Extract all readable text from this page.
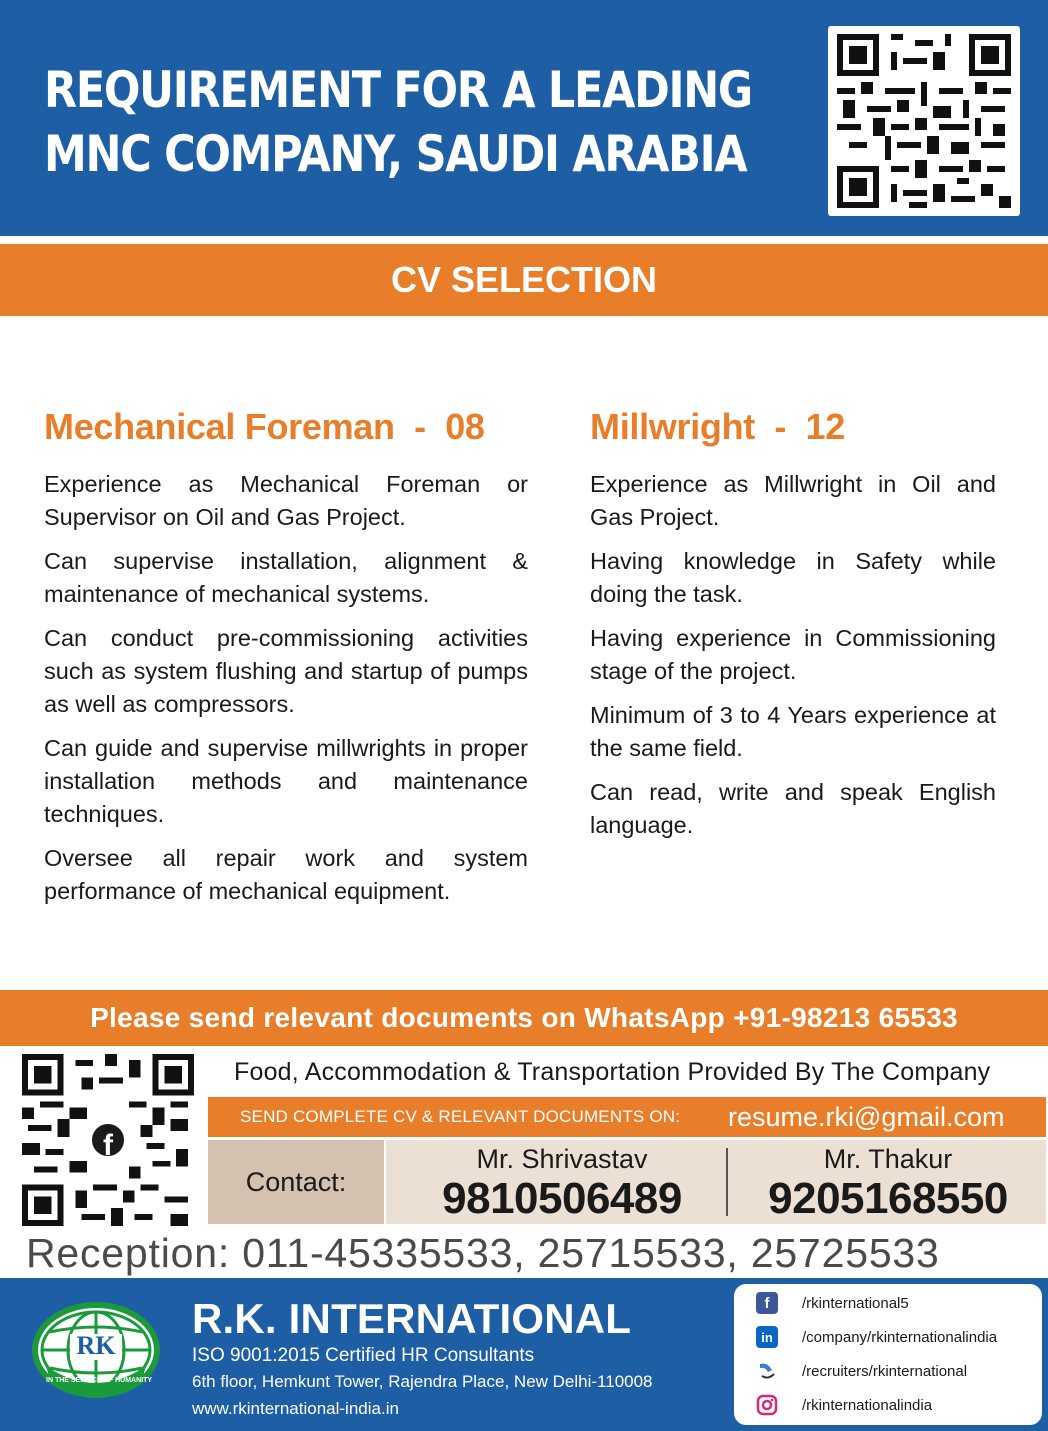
REQUIREMENT FOR A LEADING
MNC COMPANY, SAUDI ARABIA
CV SELECTION
Mechanical Foreman  -  08
Experience as Mechanical Foreman or Supervisor on Oil and Gas Project.
Can supervise installation, alignment & maintenance of mechanical systems.
Can conduct pre-commissioning activities such as system flushing and startup of pumps as well as compressors.
Can guide and supervise millwrights in proper installation methods and maintenance techniques.
Oversee all repair work and system performance of mechanical equipment.
Millwright  -  12
Experience as Millwright in Oil and Gas Project.
Having knowledge in Safety while doing the task.
Having experience in Commissioning stage of the project.
Minimum of 3 to 4 Years experience at the same field.
Can read, write and speak English language.
Please send relevant documents on WhatsApp +91-98213 65533
f
Food, Accommodation & Transportation Provided By The Company
SEND COMPLETE CV & RELEVANT DOCUMENTS ON: resume.rki@gmail.com
Contact:
Mr. Shrivastav
9810506489
Mr. Thakur
9205168550
Reception: 011-45335533, 25715533, 25725533
RK
IN THE SERVICE OF HUMANITY
R.K. INTERNATIONAL
ISO 9001:2015 Certified HR Consultants
6th floor, Hemkunt Tower, Rajendra Place, New Delhi-110008
www.rkinternational-india.in
f	/rkinternational5
in	/company/rkinternationalindia
/recruiters/rkinternational
/rkinternationalindia
